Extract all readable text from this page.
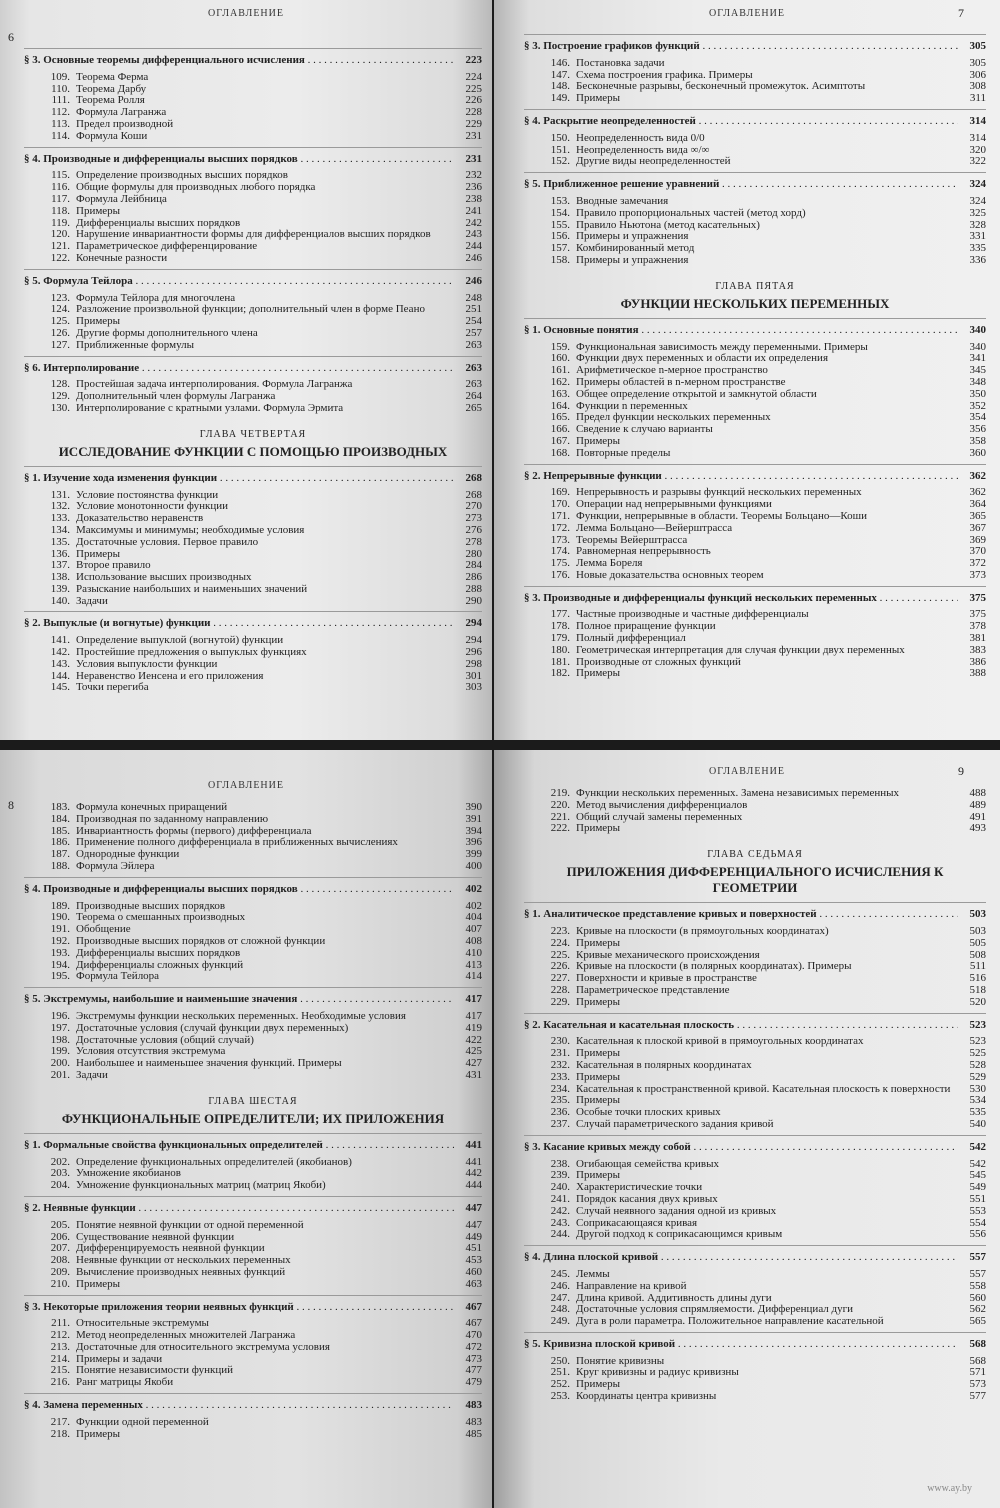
ОГЛАВЛЕНИЕ
6
§ 3. Основные теоремы дифференциального исчисления . . .	223
109. Теорема Ферма	224
110. Теорема Дарбу	225
111. Теорема Ролля	226
112. Формула Лагранжа	228
113. Предел производной	229
114. Формула Коши	231
§ 4. Производные и дифференциалы высших порядков . . .	231
115. Определение производных высших порядков	232
116. Общие формулы для производных любого порядка	236
117. Формула Лейбница	238
118. Примеры	241
119. Дифференциалы высших порядков	242
120. Нарушение инвариантности формы для дифференциалов высших порядков	243
121. Параметрическое дифференцирование	244
122. Конечные разности	246
§ 5. Формула Тейлора . . .	246
123. Формула Тейлора для многочлена	248
124. Разложение произвольной функции; дополнительный член в форме Пеано	251
125. Примеры	254
126. Другие формы дополнительного члена	257
127. Приближенные формулы	263
§ 6. Интерполирование . . .	263
128. Простейшая задача интерполирования. Формула Лагранжа	263
129. Дополнительный член формулы Лагранжа	264
130. Интерполирование с кратными узлами. Формула Эрмита	265
ГЛАВА ЧЕТВЕРТАЯ
ИССЛЕДОВАНИЕ ФУНКЦИИ С ПОМОЩЬЮ ПРОИЗВОДНЫХ
§ 1. Изучение хода изменения функции . . .	268
131. Условие постоянства функции	268
132. Условие монотонности функции	270
133. Доказательство неравенств	273
134. Максимумы и минимумы; необходимые условия	276
135. Достаточные условия. Первое правило	278
136. Примеры	280
137. Второе правило	284
138. Использование высших производных	286
139. Разыскание наибольших и наименьших значений	288
140. Задачи	290
§ 2. Выпуклые (и вогнутые) функции . . .	294
141. Определение выпуклой (вогнутой) функции	294
142. Простейшие предложения о выпуклых функциях	296
143. Условия выпуклости функции	298
144. Неравенство Иенсена и его приложения	301
145. Точки перегиба	303
ОГЛАВЛЕНИЕ	7
§ 3. Построение графиков функций . . .	305
146. Постановка задачи	305
147. Схема построения графика. Примеры	306
148. Бесконечные разрывы, бесконечный промежуток. Асимптоты	308
149. Примеры	311
§ 4. Раскрытие неопределенностей . . .	314
150. Неопределенность вида 0/0	314
151. Неопределенность вида ∞/∞	320
152. Другие виды неопределенностей	322
§ 5. Приближенное решение уравнений . . .	324
153. Вводные замечания	324
154. Правило пропорциональных частей (метод хорд)	325
155. Правило Ньютона (метод касательных)	328
156. Примеры и упражнения	331
157. Комбинированный метод	335
158. Примеры и упражнения	336
ГЛАВА ПЯТАЯ
ФУНКЦИИ НЕСКОЛЬКИХ ПЕРЕМЕННЫХ
§ 1. Основные понятия . . .	340
159. Функциональная зависимость между переменными. Примеры	340
160. Функции двух переменных и области их определения	341
161. Арифметическое n-мерное пространство	345
162. Примеры областей в n-мерном пространстве	348
163. Общее определение открытой и замкнутой области	350
164. Функции n переменных	352
165. Предел функции нескольких переменных	354
166. Сведение к случаю варианты	356
167. Примеры	358
168. Повторные пределы	360
§ 2. Непрерывные функции . . .	362
169. Непрерывность и разрывы функций нескольких переменных	362
170. Операции над непрерывными функциями	364
171. Функции, непрерывные в области. Теоремы Больцано—Коши	365
172. Лемма Больцано—Вейерштрасса	367
173. Теоремы Вейерштрасса	369
174. Равномерная непрерывность	370
175. Лемма Бореля	372
176. Новые доказательства основных теорем	373
§ 3. Производные и дифференциалы функций нескольких переменных . . .	375
177. Частные производные и частные дифференциалы	375
178. Полное приращение функции	378
179. Полный дифференциал	381
180. Геометрическая интерпретация для случая функции двух переменных	383
181. Производные от сложных функций	386
182. Примеры	388
ОГЛАВЛЕНИЕ
8	183. Формула конечных приращений	390
184. Производная по заданному направлению	391
185. Инвариантность формы (первого) дифференциала	394
186. Применение полного дифференциала в приближенных вычислениях	396
187. Однородные функции	399
188. Формула Эйлера	400
§ 4. Производные и дифференциалы высших порядков . . .	402
189. Производные высших порядков	402
190. Теорема о смешанных производных	404
191. Обобщение	407
192. Производные высших порядков от сложной функции	408
193. Дифференциалы высших порядков	410
194. Дифференциалы сложных функций	413
195. Формула Тейлора	414
§ 5. Экстремумы, наибольшие и наименьшие значения . . .	417
196. Экстремумы функции нескольких переменных. Необходимые условия	417
197. Достаточные условия (случай функции двух переменных)	419
198. Достаточные условия (общий случай)	422
199. Условия отсутствия экстремума	425
200. Наибольшее и наименьшее значения функций. Примеры	427
201. Задачи	431
ГЛАВА ШЕСТАЯ
ФУНКЦИОНАЛЬНЫЕ ОПРЕДЕЛИТЕЛИ; ИХ ПРИЛОЖЕНИЯ
§ 1. Формальные свойства функциональных определителей . . .	441
202. Определение функциональных определителей (якобианов)	441
203. Умножение якобианов	442
204. Умножение функциональных матриц (матриц Якоби)	444
§ 2. Неявные функции . . .	447
205. Понятие неявной функции от одной переменной	447
206. Существование неявной функции	449
207. Дифференцируемость неявной функции	451
208. Неявные функции от нескольких переменных	453
209. Вычисление производных неявных функций	460
210. Примеры	463
§ 3. Некоторые приложения теории неявных функций . . .	467
211. Относительные экстремумы	467
212. Метод неопределенных множителей Лагранжа	470
213. Достаточные для относительного экстремума условия	472
214. Примеры и задачи	473
215. Понятие независимости функций	477
216. Ранг матрицы Якоби	479
§ 4. Замена переменных . . .	483
217. Функции одной переменной	483
218. Примеры	485
ОГЛАВЛЕНИЕ	9
219. Функции нескольких переменных. Замена независимых переменных	488
220. Метод вычисления дифференциалов	489
221. Общий случай замены переменных	491
222. Примеры	493
ГЛАВА СЕДЬМАЯ
ПРИЛОЖЕНИЯ ДИФФЕРЕНЦИАЛЬНОГО ИСЧИСЛЕНИЯ К ГЕОМЕТРИИ
§ 1. Аналитическое представление кривых и поверхностей . . .	503
223. Кривые на плоскости (в прямоугольных координатах)	503
224. Примеры	505
225. Кривые механического происхождения	508
226. Кривые на плоскости (в полярных координатах). Примеры	511
227. Поверхности и кривые в пространстве	516
228. Параметрическое представление	518
229. Примеры	520
§ 2. Касательная и касательная плоскость . . .	523
230. Касательная к плоской кривой в прямоугольных координатах	523
231. Примеры	525
232. Касательная в полярных координатах	528
233. Примеры	529
234. Касательная к пространственной кривой. Касательная плоскость к поверхности	530
235. Примеры	534
236. Особые точки плоских кривых	535
237. Случай параметрического задания кривой	540
§ 3. Касание кривых между собой . . .	542
238. Огибающая семейства кривых	542
239. Примеры	545
240. Характеристические точки	549
241. Порядок касания двух кривых	551
242. Случай неявного задания одной из кривых	553
243. Соприкасающаяся кривая	554
244. Другой подход к соприкасающимся кривым	556
§ 4. Длина плоской кривой . . .	557
245. Леммы	557
246. Направление на кривой	558
247. Длина кривой. Аддитивность длины дуги	560
248. Достаточные условия спрямляемости. Дифференциал дуги	562
249. Дуга в роли параметра. Положительное направление касательной	565
§ 5. Кривизна плоской кривой . . .	568
250. Понятие кривизны	568
251. Круг кривизны и радиус кривизны	571
252. Примеры	573
253. Координаты центра кривизны	577
www.ay.by
